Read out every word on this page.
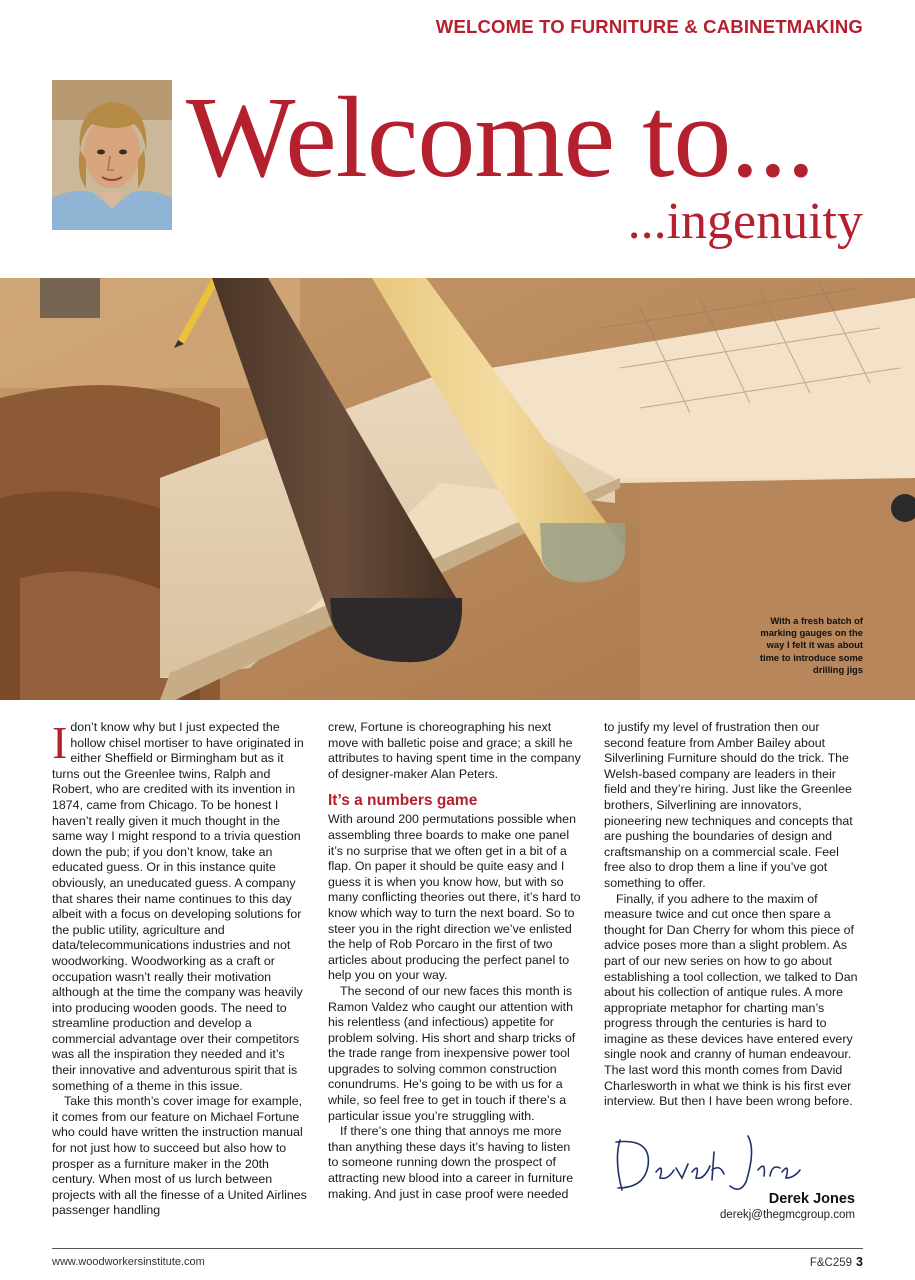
WELCOME TO FURNITURE & CABINETMAKING
Welcome to...
...ingenuity
With a fresh batch of marking gauges on the way I felt it was about time to introduce some drilling jigs

Idon’t know why but I just expected the hollow chisel mortiser to have originated in either Sheffield or Birmingham but as it turns out the Greenlee twins, Ralph and Robert, who are credited with its invention in 1874, came from Chicago. To be honest I haven’t really given it much thought in the same way I might respond to a trivia question down the pub; if you don’t know, take an educated guess. Or in this instance quite obviously, an uneducated guess. A company that shares their name continues to this day albeit with a focus on developing solutions for the public utility, agriculture and data/telecommunications industries and not woodworking. Woodworking as a craft or occupation wasn’t really their motivation although at the time the company was heavily into producing wooden goods. The need to streamline production and develop a commercial advantage over their competitors was all the inspiration they needed and it’s their innovative and adventurous spirit that is something of a theme in this issue.

Take this month’s cover image for example, it comes from our feature on Michael Fortune who could have written the instruction manual for not just how to succeed but also how to prosper as a furniture maker in the 20th century. When most of us lurch between projects with all the finesse of a United Airlines passenger handling

crew, Fortune is choreographing his next move with balletic poise and grace; a skill he attributes to having spent time in the company of designer-maker Alan Peters.

It’s a numbers game

With around 200 permutations possible when assembling three boards to make one panel it’s no surprise that we often get in a bit of a flap. On paper it should be quite easy and I guess it is when you know how, but with so many conflicting theories out there, it’s hard to know which way to turn the next board. So to steer you in the right direction we’ve enlisted the help of Rob Porcaro in the first of two articles about producing the perfect panel to help you on your way.

The second of our new faces this month is Ramon Valdez who caught our attention with his relentless (and infectious) appetite for problem solving. His short and sharp tricks of the trade range from inexpensive power tool upgrades to solving common construction conundrums. He’s going to be with us for a while, so feel free to get in touch if there’s a particular issue you’re struggling with.

If there’s one thing that annoys me more than anything these days it’s having to listen to someone running down the prospect of attracting new blood into a career in furniture making. And just in case proof were needed

to justify my level of frustration then our second feature from Amber Bailey about Silverlining Furniture should do the trick. The Welsh-based company are leaders in their field and they’re hiring. Just like the Greenlee brothers, Silverlining are innovators, pioneering new techniques and concepts that are pushing the boundaries of design and craftsmanship on a commercial scale. Feel free also to drop them a line if you’ve got something to offer.

Finally, if you adhere to the maxim of measure twice and cut once then spare a thought for Dan Cherry for whom this piece of advice poses more than a slight problem. As part of our new series on how to go about establishing a tool collection, we talked to Dan about his collection of antique rules. A more appropriate metaphor for charting man’s progress through the centuries is hard to imagine as these devices have entered every single nook and cranny of human endeavour. The last word this month comes from David Charlesworth in what we think is his first ever interview. But then I have been wrong before.

Derek Jones
derekj@thegmcgroup.com
www.woodworkersinstitute.com	F&C259 3
